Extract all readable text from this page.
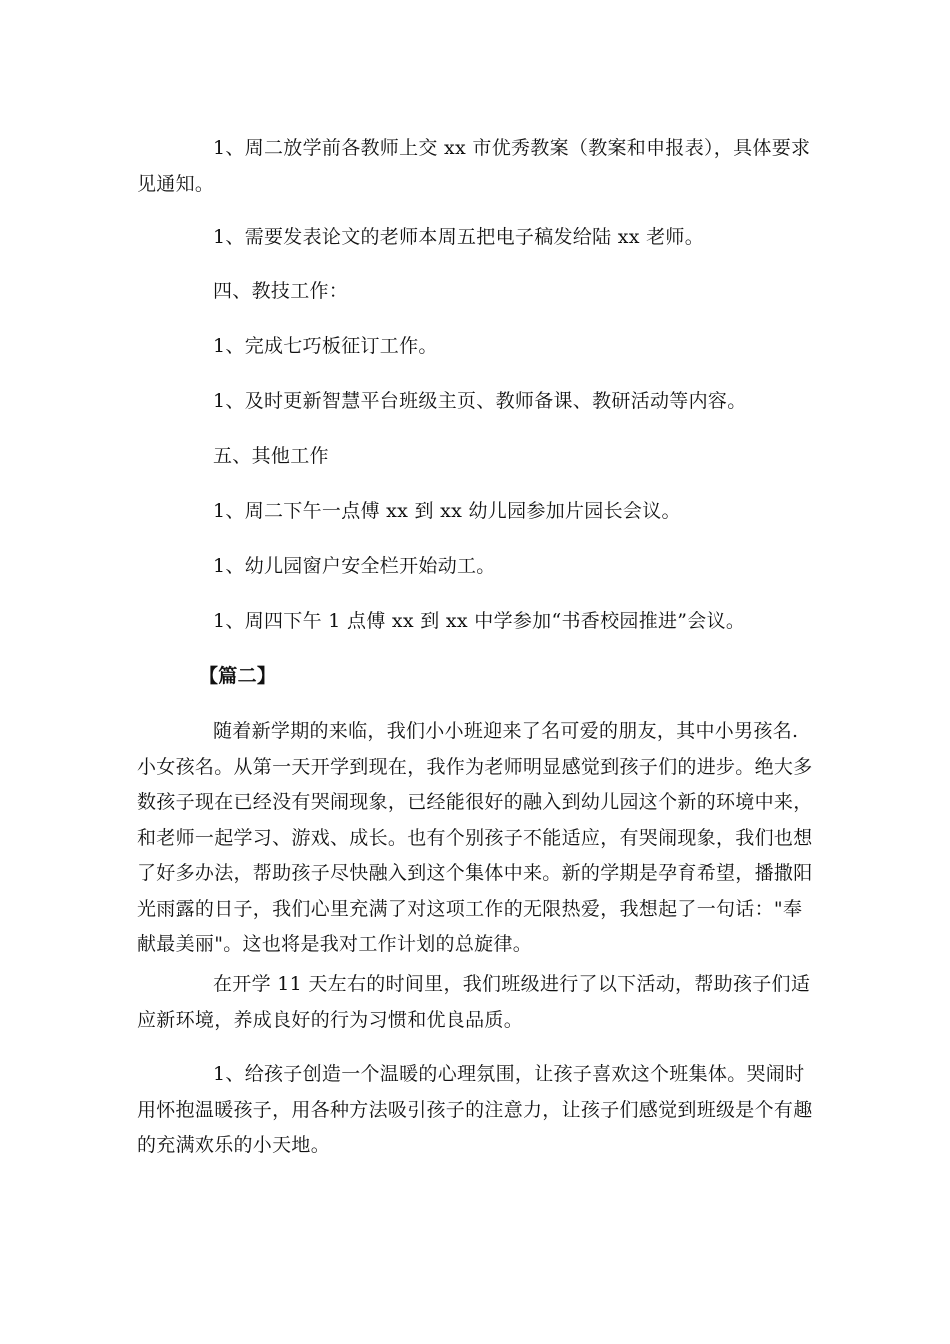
1、周二放学前各教师上交 xx 市优秀教案（教案和申报表），具体要求见通知。

1、需要发表论文的老师本周五把电子稿发给陆 xx 老师。

四、教技工作：

1、完成七巧板征订工作。

1、及时更新智慧平台班级主页、教师备课、教研活动等内容。

五、其他工作

1、周二下午一点傅 xx 到 xx 幼儿园参加片园长会议。

1、幼儿园窗户安全栏开始动工。

1、周四下午 1 点傅 xx 到 xx 中学参加“书香校园推进”会议。

【篇二】

随着新学期的来临，我们小小班迎来了名可爱的朋友，其中小男孩名.小女孩名。从第一天开学到现在，我作为老师明显感觉到孩子们的进步。绝大多数孩子现在已经没有哭闹现象，已经能很好的融入到幼儿园这个新的环境中来，和老师一起学习、游戏、成长。也有个别孩子不能适应，有哭闹现象，我们也想了好多办法，帮助孩子尽快融入到这个集体中来。新的学期是孕育希望，播撒阳光雨露的日子，我们心里充满了对这项工作的无限热爱，我想起了一句话："奉献最美丽"。这也将是我对工作计划的总旋律。

在开学 11 天左右的时间里，我们班级进行了以下活动，帮助孩子们适应新环境，养成良好的行为习惯和优良品质。

1、给孩子创造一个温暖的心理氛围，让孩子喜欢这个班集体。哭闹时用怀抱温暖孩子，用各种方法吸引孩子的注意力，让孩子们感觉到班级是个有趣的充满欢乐的小天地。
